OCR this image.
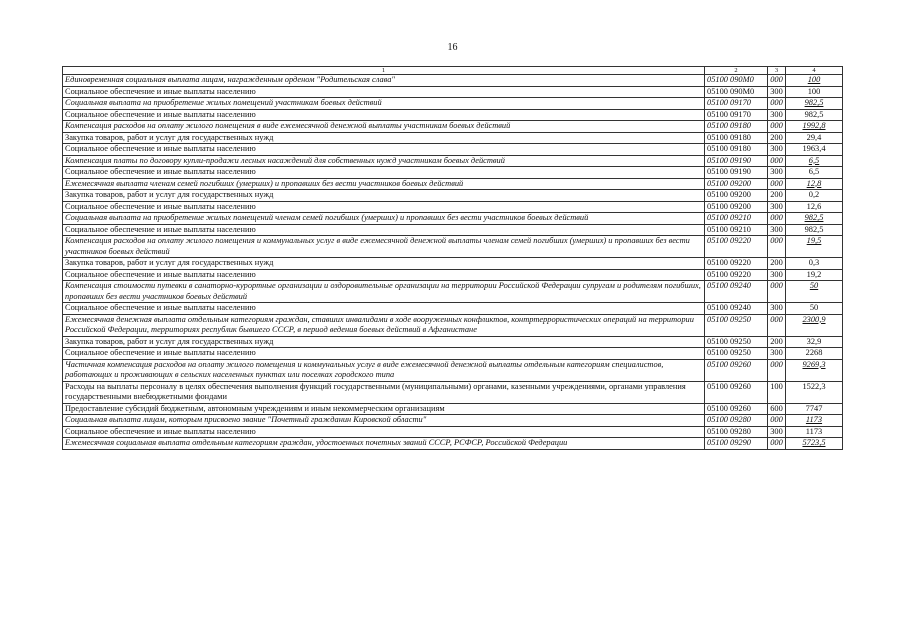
16
1	2	3	4
Единовременная социальная выплата лицам, награжденным орденом "Родительская слава"	05100 090М0	000	100
Социальное обеспечение и иные выплаты населению	05100 090М0	300	100
Социальная выплата на приобретение жилых помещений участникам боевых действий	05100 09170	000	982,5
Социальное обеспечение и иные выплаты населению	05100 09170	300	982,5
Компенсация расходов на оплату жилого помещения в виде ежемесячной денежной выплаты участникам боевых действий	05100 09180	000	1992,8
Закупка товаров, работ и услуг для государственных нужд	05100 09180	200	29,4
Социальное обеспечение и иные выплаты населению	05100 09180	300	1963,4
Компенсация платы по договору купли-продажи лесных насаждений для собственных нужд участникам боевых действий	05100 09190	000	6,5
Социальное обеспечение и иные выплаты населению	05100 09190	300	6,5
Ежемесячная выплата членам семей погибших (умерших) и пропавших без вести участников боевых действий	05100 09200	000	12,8
Закупка товаров, работ и услуг для государственных нужд	05100 09200	200	0,2
Социальное обеспечение и иные выплаты населению	05100 09200	300	12,6
Социальная выплата на приобретение жилых помещений членам семей погибших (умерших) и пропавших без вести участников боевых действий	05100 09210	000	982,5
Социальное обеспечение и иные выплаты населению	05100 09210	300	982,5
Компенсация расходов на оплату жилого помещения и коммунальных услуг в виде ежемесячной денежной выплаты членам семей погибших (умерших) и пропавших без вести участников боевых действий	05100 09220	000	19,5
Закупка товаров, работ и услуг для государственных нужд	05100 09220	200	0,3
Социальное обеспечение и иные выплаты населению	05100 09220	300	19,2
Компенсация стоимости путевки в санаторно-курортные организации и оздоровительные организации на территории Российской Федерации супругам и родителям погибших, пропавших без вести участников боевых действий	05100 09240	000	50
Социальное обеспечение и иные выплаты населению	05100 09240	300	50
Ежемесячная денежная выплата отдельным категориям граждан, ставших инвалидами в ходе вооруженных конфликтов, контртеррористических операций на территории Российской Федерации, территориях республик бывшего СССР, в период ведения боевых действий в Афганистане	05100 09250	000	2300,9
Закупка товаров, работ и услуг для государственных нужд	05100 09250	200	32,9
Социальное обеспечение и иные выплаты населению	05100 09250	300	2268
Частичная компенсация расходов на оплату жилого помещения и коммунальных услуг в виде ежемесячной денежной выплаты отдельным категориям специалистов, работающих и проживающих в сельских населенных пунктах или поселках городского типа	05100 09260	000	9269,3
Расходы на выплаты персоналу в целях обеспечения выполнения функций государственными (муниципальными) органами, казенными учреждениями, органами управления государственными внебюджетными фондами	05100 09260	100	1522,3
Предоставление субсидий бюджетным, автономным учреждениям и иным некоммерческим организациям	05100 09260	600	7747
Социальная выплата лицам, которым присвоено звание "Почетный гражданин Кировской области"	05100 09280	000	1173
Социальное обеспечение и иные выплаты населению	05100 09280	300	1173
Ежемесячная социальная выплата отдельным категориям граждан, удостоенных почетных званий СССР, РСФСР, Российской Федерации	05100 09290	000	5723,5
